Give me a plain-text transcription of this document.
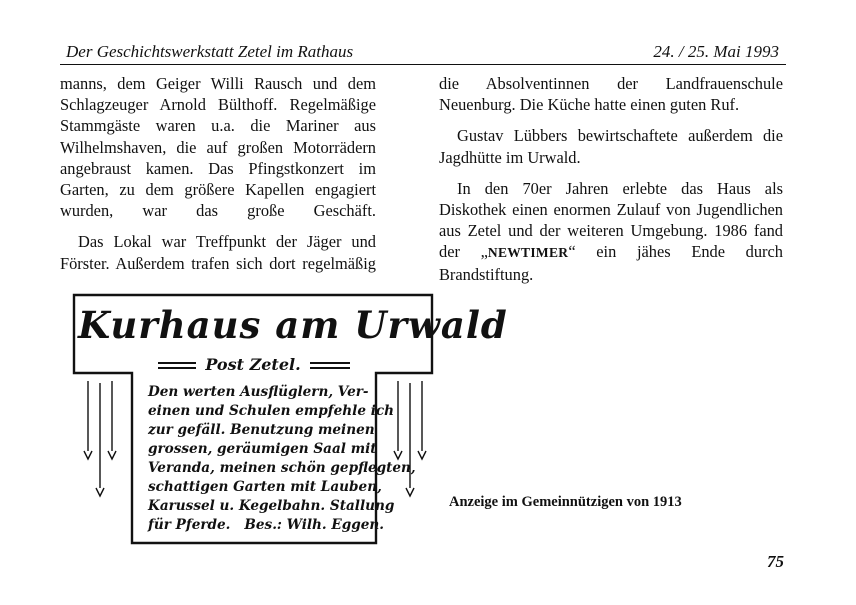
Der Geschichtswerkstatt Zetel im Rathaus	24. / 25. Mai 1993

manns, dem Geiger Willi Rausch und dem Schlagzeuger Arnold Bülthoff. Regelmäßige Stammgäste waren u.a. die Mariner aus Wilhelmshaven, die auf großen Motorrädern angebraust kamen. Das Pfingstkonzert im Garten, zu dem größere Kapellen engagiert wurden, war das große Geschäft.

Das Lokal war Treffpunkt der Jäger und Förster. Außerdem trafen sich dort regelmäßig

die Absolventinnen der Landfrauenschule Neuenburg. Die Küche hatte einen guten Ruf.

Gustav Lübbers bewirtschaftete außerdem die Jagdhütte im Urwald.

In den 70er Jahren erlebte das Haus als Diskothek einen enormen Zulauf von Jugendlichen aus Zetel und der weiteren Umgebung. 1986 fand der „NEWTIMER“ ein jähes Ende durch Brandstiftung.

Kurhaus am Urwald
Post Zetel.
Den werten Ausflüglern, Ver-
einen und Schulen empfehle ich
zur gefäll. Benutzung meinen
grossen, geräumigen Saal mit
Veranda, meinen schön gepflegten,
schattigen Garten mit Lauben,
Karussel u. Kegelbahn. Stallung
für Pferde. Bes.: Wilh. Eggen.
Anzeige im Gemeinnützigen von 1913
75
